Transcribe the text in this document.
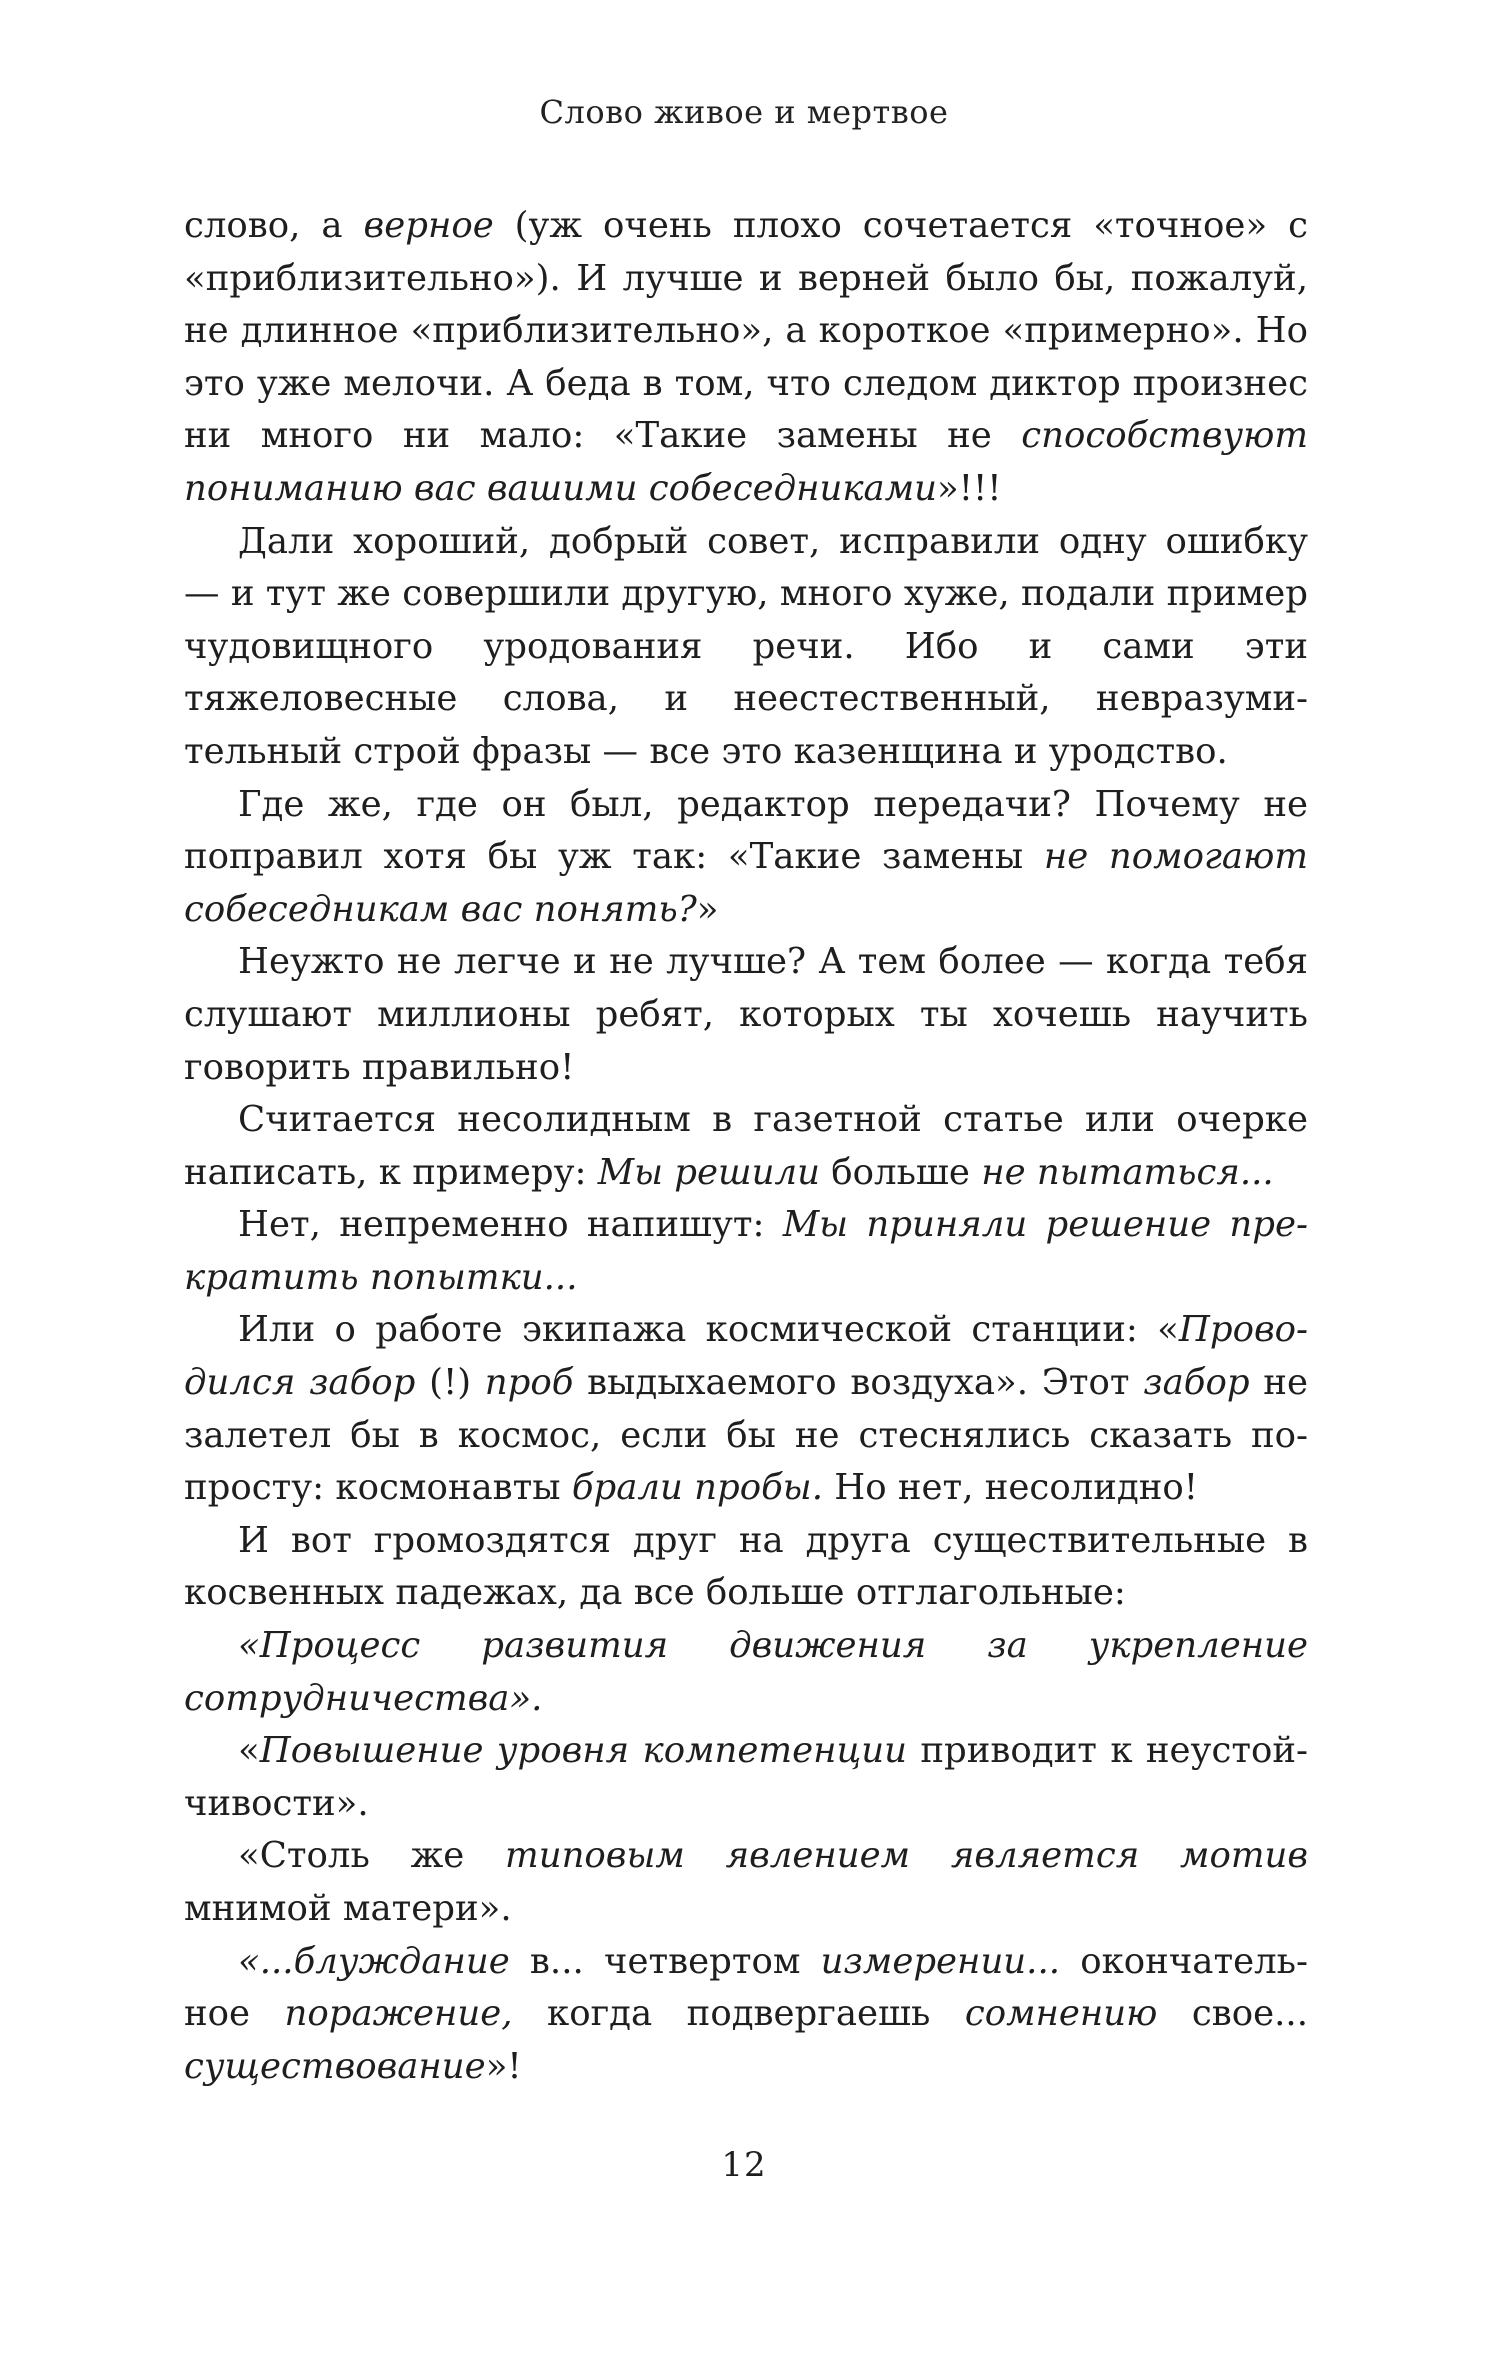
Слово живое и мертвое

слово, а верное (уж очень плохо сочетается «точное» с «приблизительно»). И лучше и верней было бы, пожалуй, не длинное «приблизительно», а короткое «примерно». Но это уже мелочи. А беда в том, что следом диктор произнес ни много ни мало: «Такие замены не способствуют пониманию вас вашими собеседниками»!!!

Дали хороший, добрый совет, исправили одну ошибку — и тут же совершили другую, много хуже, подали пример чудовищного уродования речи. Ибо и сами эти тяжеловесные слова, и неестественный, невразумительный строй фразы — все это казенщина и уродство.

Где же, где он был, редактор передачи? Почему не поправил хотя бы уж так: «Такие замены не помогают собеседникам вас понять?»

Неужто не легче и не лучше? А тем более — когда тебя слушают миллионы ребят, которых ты хочешь научить говорить правильно!

Считается несолидным в газетной статье или очерке написать, к примеру: Мы решили больше не пытаться...

Нет, непременно напишут: Мы приняли решение прекратить попытки...

Или о работе экипажа космической станции: «Проводился забор (!) проб выдыхаемого воздуха». Этот забор не залетел бы в космос, если бы не стеснялись сказать попросту: космонавты брали пробы. Но нет, несолидно!

И вот громоздятся друг на друга существительные в косвенных падежах, да все больше отглагольные:

«Процесс развития движения за укрепление сотрудничества».

«Повышение уровня компетенции приводит к неустойчивости».

«Столь же типовым явлением является мотив мнимой матери».

«...блуждание в... четвертом измерении... окончательное поражение, когда подвергаешь сомнению свое... существование»!

12
